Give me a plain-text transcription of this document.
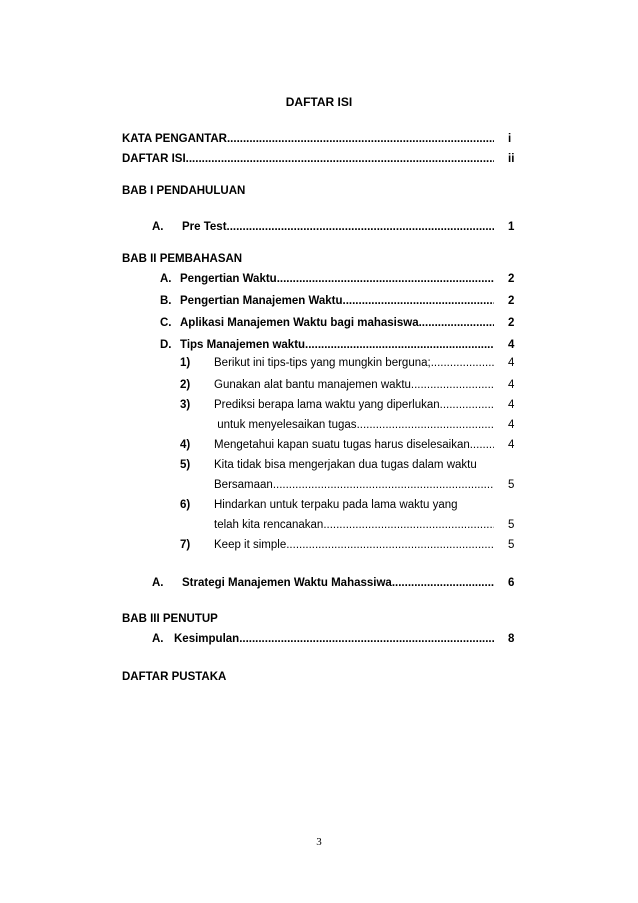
DAFTAR ISI
KATA PENGANTAR .....	i
DAFTAR ISI .....	ii
BAB I PENDAHULUAN
A. Pre Test .....	1
BAB II PEMBAHASAN
A. Pengertian Waktu .....	2
B. Pengertian Manajemen Waktu .....	2
C. Aplikasi Manajemen Waktu bagi mahasiswa .....	2
D. Tips Manajemen waktu .....	4
1) Berikut ini tips-tips yang mungkin berguna; .....	4
2) Gunakan alat bantu manajemen waktu .....	4
3) Prediksi berapa lama waktu yang diperlukan .....	4
untuk menyelesaikan tugas .....	4
4) Mengetahui kapan suatu tugas harus diselesaikan .....	4
5) Kita tidak bisa mengerjakan dua tugas dalam waktu
Bersamaan .....	5
6) Hindarkan untuk terpaku pada lama waktu yang
telah kita rencanakan .....	5
7) Keep it simple .....	5
A. Strategi Manajemen Waktu Mahassiwa .....	6
BAB III PENUTUP
A. Kesimpulan .....	8
DAFTAR PUSTAKA
3
